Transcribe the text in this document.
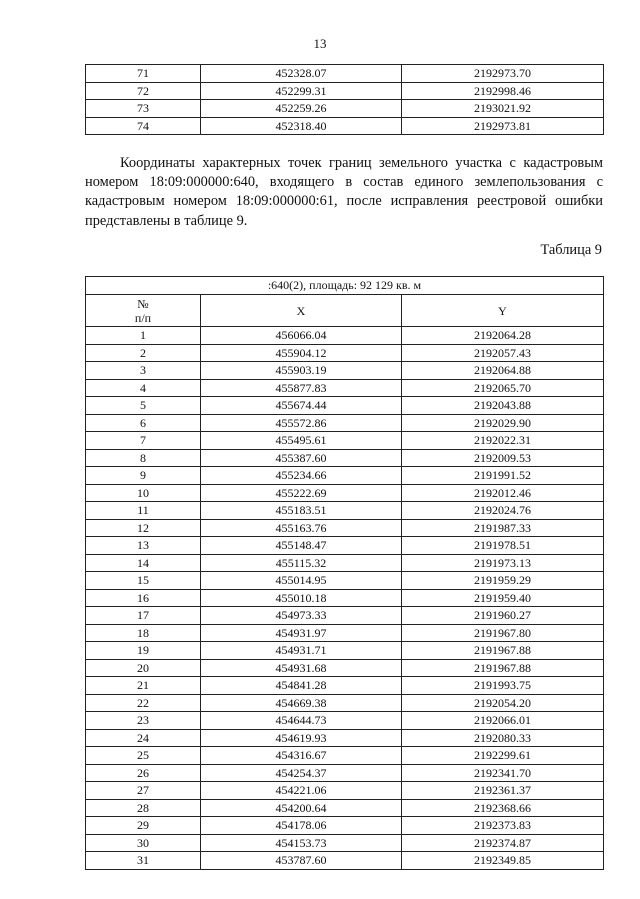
13
71	452328.07	2192973.70
72	452299.31	2192998.46
73	452259.26	2193021.92
74	452318.40	2192973.81

Координаты характерных точек границ земельного участка с кадастровым номером 18:09:000000:640, входящего в состав единого землепользования с кадастровым номером 18:09:000000:61, после исправления реестровой ошибки представлены в таблице 9.

Таблица 9
:640(2), площадь: 92 129 кв. м		
№
п/п	X	Y
1	456066.04	2192064.28
2	455904.12	2192057.43
3	455903.19	2192064.88
4	455877.83	2192065.70
5	455674.44	2192043.88
6	455572.86	2192029.90
7	455495.61	2192022.31
8	455387.60	2192009.53
9	455234.66	2191991.52
10	455222.69	2192012.46
11	455183.51	2192024.76
12	455163.76	2191987.33
13	455148.47	2191978.51
14	455115.32	2191973.13
15	455014.95	2191959.29
16	455010.18	2191959.40
17	454973.33	2191960.27
18	454931.97	2191967.80
19	454931.71	2191967.88
20	454931.68	2191967.88
21	454841.28	2191993.75
22	454669.38	2192054.20
23	454644.73	2192066.01
24	454619.93	2192080.33
25	454316.67	2192299.61
26	454254.37	2192341.70
27	454221.06	2192361.37
28	454200.64	2192368.66
29	454178.06	2192373.83
30	454153.73	2192374.87
31	453787.60	2192349.85
